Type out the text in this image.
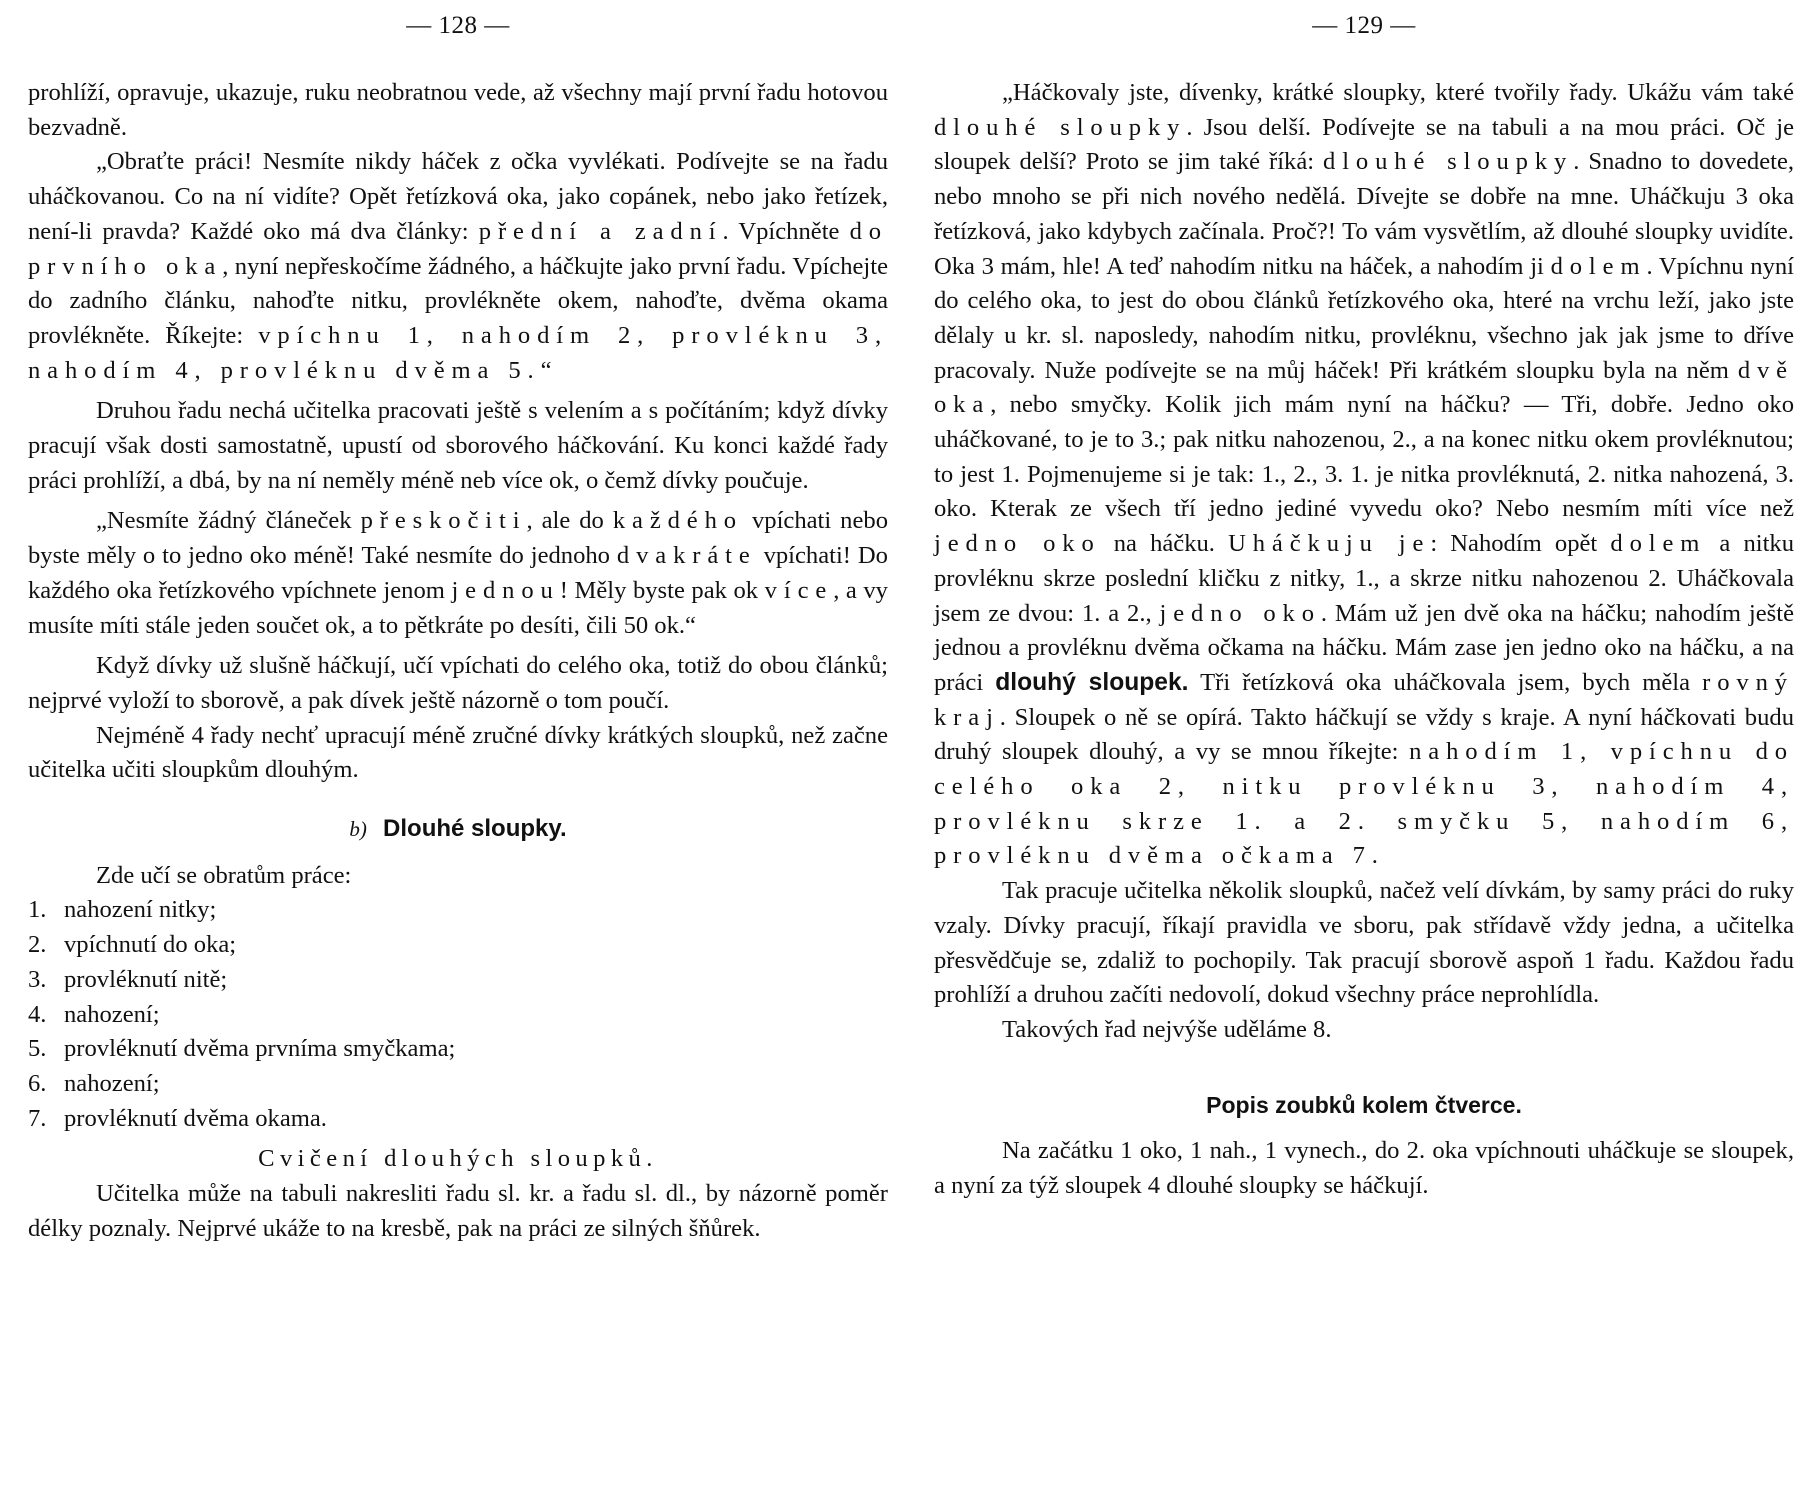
— 128 —

prohlíží, opravuje, ukazuje, ruku neobratnou vede, až všechny mají první řadu hotovou bezvadně.

„Obraťte práci! Nesmíte nikdy háček z očka vyvlékati. Podívejte se na řadu uháčkovanou. Co na ní vidíte? Opět řetízková oka, jako copánek, nebo jako řetízek, není-li pravda? Každé oko má dva články: přední a zadní. Vpíchněte do prvního oka, nyní nepřeskočíme žádného, a háčkujte jako první řadu. Vpíchejte do zadního článku, nahoďte nitku, provlékněte okem, nahoďte, dvěma okama provlékněte. Říkejte: vpíchnu 1, nahodím 2, provléknu 3, nahodím 4, provléknu dvěma 5.“

Druhou řadu nechá učitelka pracovati ještě s velením a s počítáním; když dívky pracují však dosti samostatně, upustí od sborového háčkování. Ku konci každé řady práci prohlíží, a dbá, by na ní neměly méně neb více ok, o čemž dívky poučuje.

„Nesmíte žádný článeček přeskočiti, ale do každého vpíchati nebo byste měly o to jedno oko méně! Také nesmíte do jednoho dvakráte vpíchati! Do každého oka řetízkového vpíchnete jenom jednou! Měly byste pak ok více, a vy musíte míti stále jeden součet ok, a to pětkráte po desíti, čili 50 ok.“

Když dívky už slušně háčkují, učí vpíchati do celého oka, totiž do obou článků; nejprvé vyloží to sborově, a pak dívek ještě názorně o tom poučí.

Nejméně 4 řady nechť upracují méně zručné dívky krátkých sloupků, než začne učitelka učiti sloupkům dlouhým.

b) Dlouhé sloupky.

Zde učí se obratům práce:

1. nahození nitky;
2. vpíchnutí do oka;
3. provléknutí nitě;
4. nahození;
5. provléknutí dvěma prvníma smyčkama;
6. nahození;
7. provléknutí dvěma okama.
Cvičení dlouhých sloupků.

Učitelka může na tabuli nakresliti řadu sl. kr. a řadu sl. dl., by názorně poměr délky poznaly. Nejprvé ukáže to na kresbě, pak na práci ze silných šňůrek.

— 129 —

„Háčkovaly jste, dívenky, krátké sloupky, které tvořily řady. Ukážu vám také dlouhé sloupky. Jsou delší. Podívejte se na tabuli a na mou práci. Oč je sloupek delší? Proto se jim také říká: dlouhé sloupky. Snadno to dovedete, nebo mnoho se při nich nového nedělá. Dívejte se dobře na mne. Uháčkuju 3 oka řetízková, jako kdybych začínala. Proč?! To vám vysvětlím, až dlouhé sloupky uvidíte. Oka 3 mám, hle! A teď nahodím nitku na háček, a nahodím ji dolem. Vpíchnu nyní do celého oka, to jest do obou článků řetízkového oka, hteré na vrchu leží, jako jste dělaly u kr. sl. naposledy, nahodím nitku, provléknu, všechno jak jak jsme to dříve pracovaly. Nuže podívejte se na můj háček! Při krátkém sloupku byla na něm dvě oka, nebo smyčky. Kolik jich mám nyní na háčku? — Tři, dobře. Jedno oko uháčkované, to je to 3.; pak nitku nahozenou, 2., a na konec nitku okem provléknutou; to jest 1. Pojmenujeme si je tak: 1., 2., 3. 1. je nitka provléknutá, 2. nitka nahozená, 3. oko. Kterak ze všech tří jedno jediné vyvedu oko? Nebo nesmím míti více než jedno oko na háčku. Uháčkuju je: Nahodím opět dolem a nitku provléknu skrze poslední kličku z nitky, 1., a skrze nitku nahozenou 2. Uháčkovala jsem ze dvou: 1. a 2., jedno oko. Mám už jen dvě oka na háčku; nahodím ještě jednou a provléknu dvěma očkama na háčku. Mám zase jen jedno oko na háčku, a na práci dlouhý sloupek. Tři řetízková oka uháčkovala jsem, bych měla rovný kraj. Sloupek o ně se opírá. Takto háčkují se vždy s kraje. A nyní háčkovati budu druhý sloupek dlouhý, a vy se mnou říkejte: nahodím 1, vpíchnu do celého oka 2, nitku provléknu 3, nahodím 4, provléknu skrze 1. a 2. smyčku 5, nahodím 6, provléknu dvěma očkama 7.

Tak pracuje učitelka několik sloupků, načež velí dívkám, by samy práci do ruky vzaly. Dívky pracují, říkají pravidla ve sboru, pak střídavě vždy jedna, a učitelka přesvědčuje se, zdaliž to pochopily. Tak pracují sborově aspoň 1 řadu. Každou řadu prohlíží a druhou začíti nedovolí, dokud všechny práce neprohlídla.

Takových řad nejvýše uděláme 8.

Popis zoubků kolem čtverce.

Na začátku 1 oko, 1 nah., 1 vynech., do 2. oka vpíchnouti uháčkuje se sloupek, a nyní za týž sloupek 4 dlouhé sloupky se háčkují.
